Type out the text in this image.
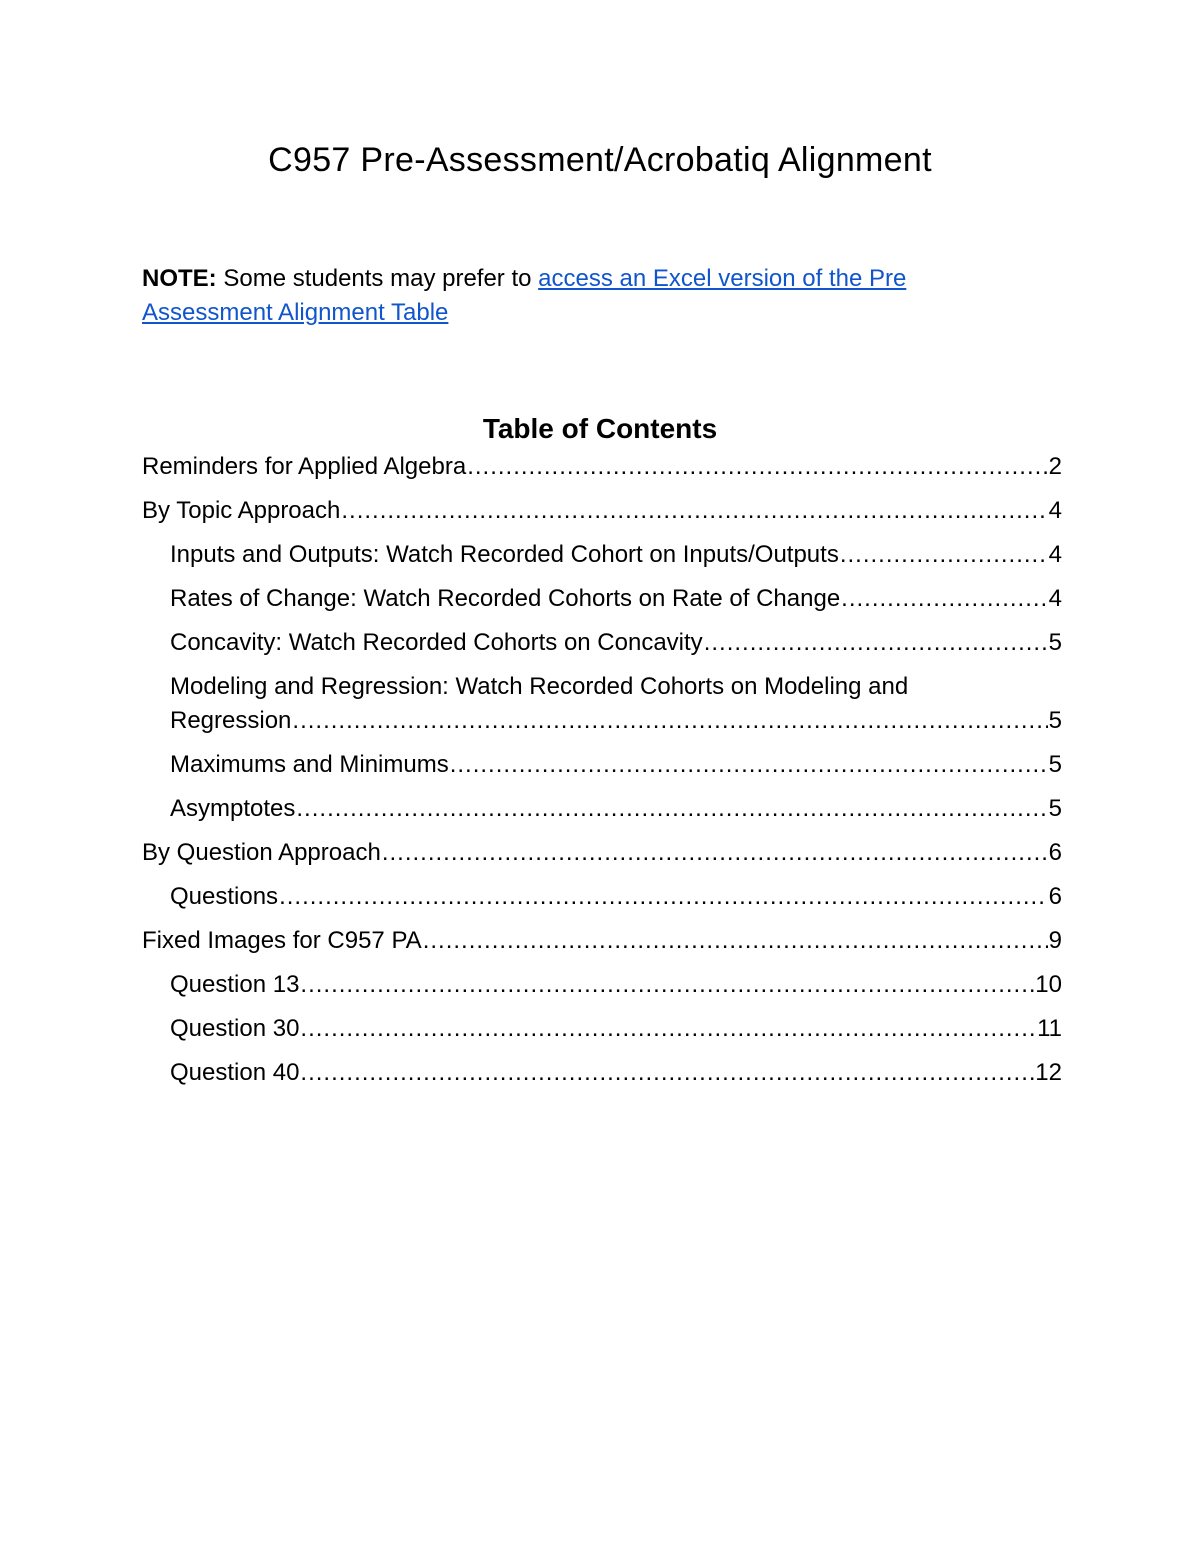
C957 Pre-Assessment/Acrobatiq Alignment

NOTE: Some students may prefer to access an Excel version of the Pre Assessment Alignment Table

Table of Contents
Reminders for Applied Algebra .....	2
By Topic Approach .....	4
Inputs and Outputs: Watch Recorded Cohort on Inputs/Outputs .....	4
Rates of Change: Watch Recorded Cohorts on Rate of Change .....	4
Concavity: Watch Recorded Cohorts on Concavity .....	5
Modeling and Regression: Watch Recorded Cohorts on Modeling and
Regression .....	5
Maximums and Minimums .....	5
Asymptotes .....	5
By Question Approach .....	6
Questions .....	6
Fixed Images for C957 PA .....	9
Question 13 .....	10
Question 30 .....	11
Question 40 .....	12
